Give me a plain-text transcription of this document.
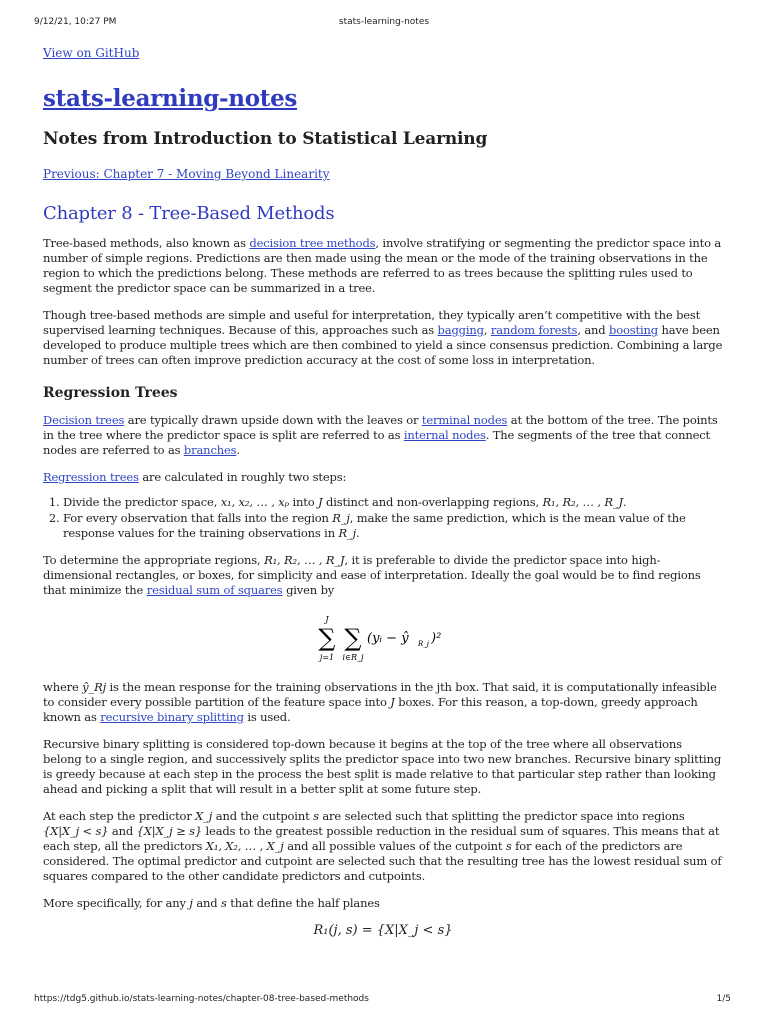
9/12/21, 10:27 PM	stats-learning-notes
View on GitHub
stats-learning-notes
Notes from Introduction to Statistical Learning
Previous: Chapter 7 - Moving Beyond Linearity
Chapter 8 - Tree-Based Methods

Tree-based methods, also known as decision tree methods, involve stratifying or segmenting the predictor space into a number of simple regions. Predictions are then made using the mean or the mode of the training observations in the region to which the predictions belong. These methods are referred to as trees because the splitting rules used to segment the predictor space can be summarized in a tree.

Though tree-based methods are simple and useful for interpretation, they typically aren’t competitive with the best supervised learning techniques. Because of this, approaches such as bagging, random forests, and boosting have been developed to produce multiple trees which are then combined to yield a since consensus prediction. Combining a large number of trees can often improve prediction accuracy at the cost of some loss in interpretation.

Regression Trees

Decision trees are typically drawn upside down with the leaves or terminal nodes at the bottom of the tree. The points in the tree where the predictor space is split are referred to as internal nodes. The segments of the tree that connect nodes are referred to as branches.

Regression trees are calculated in roughly two steps:

1. Divide the predictor space, x₁, x₂, … , xₚ into J distinct and non-overlapping regions, R₁, R₂, … , R_J.
2. For every observation that falls into the region R_j, make the same prediction, which is the mean value of the response values for the training observations in R_j.

To determine the appropriate regions, R₁, R₂, … , R_J, it is preferable to divide the predictor space into high-dimensional rectangles, or boxes, for simplicity and ease of interpretation. Ideally the goal would be to find regions that minimize the residual sum of squares given by

J
∑
j=1
∑
i∈R_j
(yᵢ − ŷ R_j )²

where ŷ_Rj is the mean response for the training observations in the jth box. That said, it is computationally infeasible to consider every possible partition of the feature space into J boxes. For this reason, a top-down, greedy approach known as recursive binary splitting is used.

Recursive binary splitting is considered top-down because it begins at the top of the tree where all observations belong to a single region, and successively splits the predictor space into two new branches. Recursive binary splitting is greedy because at each step in the process the best split is made relative to that particular step rather than looking ahead and picking a split that will result in a better split at some future step.

At each step the predictor X_j and the cutpoint s are selected such that splitting the predictor space into regions {X|X_j < s} and {X|X_j ≥ s} leads to the greatest possible reduction in the residual sum of squares. This means that at each step, all the predictors X₁, X₂, … , X_j and all possible values of the cutpoint s for each of the predictors are considered. The optimal predictor and cutpoint are selected such that the resulting tree has the lowest residual sum of squares compared to the other candidate predictors and cutpoints.

More specifically, for any j and s that define the half planes

R₁(j, s) = {X|X_j < s}
https://tdg5.github.io/stats-learning-notes/chapter-08-tree-based-methods	1/5
